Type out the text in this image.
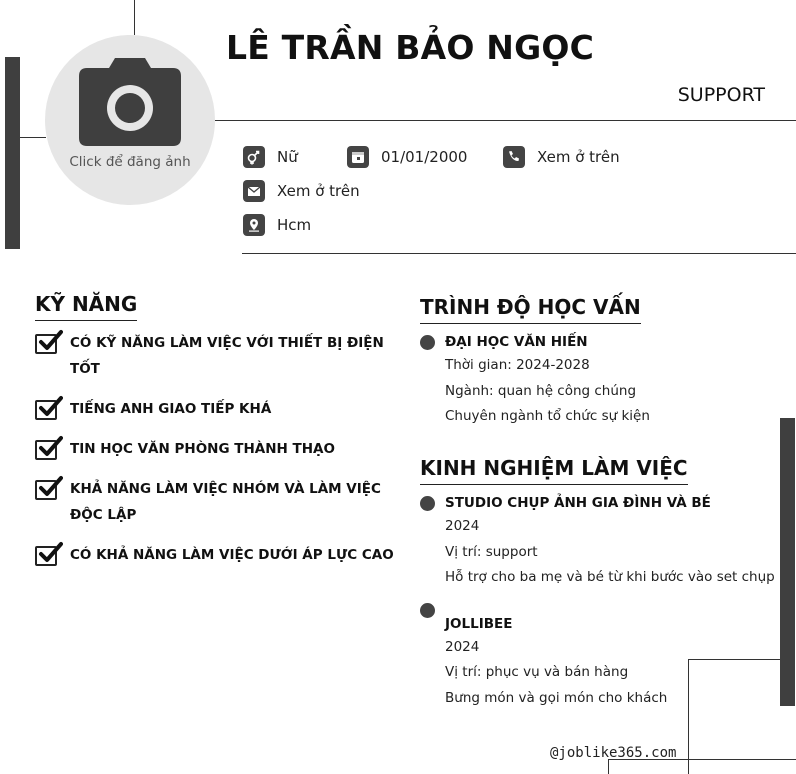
Click để đăng ảnh
LÊ TRẦN BẢO NGỌC
SUPPORT
Nữ	01/01/2000	Xem ở trên
Xem ở trên
Hcm
KỸ NĂNG
CÓ KỸ NĂNG LÀM VIỆC VỚI THIẾT BỊ ĐIỆN TỐT
TIẾNG ANH GIAO TIẾP KHÁ
TIN HỌC VĂN PHÒNG THÀNH THẠO
KHẢ NĂNG LÀM VIỆC NHÓM VÀ LÀM VIỆC ĐỘC LẬP
CÓ KHẢ NĂNG LÀM VIỆC DƯỚI ÁP LỰC CAO
TRÌNH ĐỘ HỌC VẤN
ĐẠI HỌC VĂN HIẾN
Thời gian: 2024-2028
Ngành: quan hệ công chúng
Chuyên ngành tổ chức sự kiện
KINH NGHIỆM LÀM VIỆC
STUDIO CHỤP ẢNH GIA ĐÌNH VÀ BÉ
2024
Vị trí: support
Hỗ trợ cho ba mẹ và bé từ khi bước vào set chụp
JOLLIBEE
2024
Vị trí: phục vụ và bán hàng
Bưng món và gọi món cho khách
@joblike365.com
